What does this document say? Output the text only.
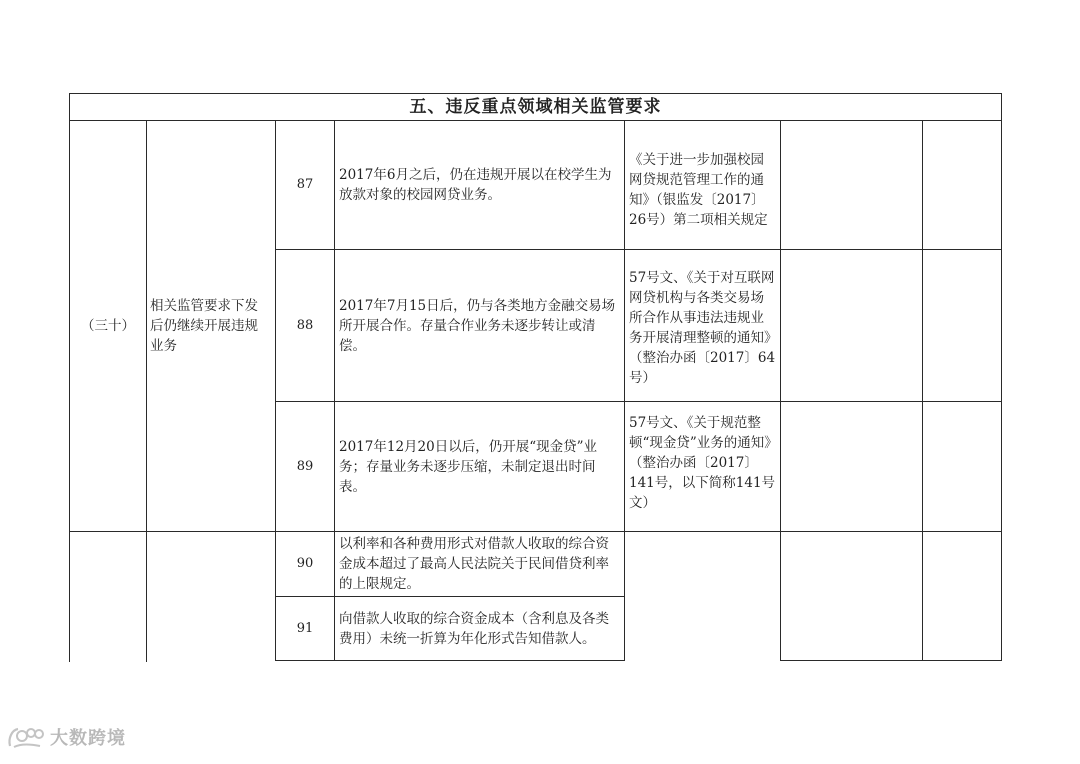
五、违反重点领域相关监管要求
（三十）
相关监管要求下发后仍继续开展违规业务
87
2017年6月之后，仍在违规开展以在校学生为放款对象的校园网贷业务。
《关于进一步加强校园网贷规范管理工作的通知》（银监发〔2017〕26号）第二项相关规定
88
2017年7月15日后，仍与各类地方金融交易场所开展合作。存量合作业务未逐步转让或清偿。
57号文、《关于对互联网网贷机构与各类交易场所合作从事违法违规业务开展清理整顿的通知》（整治办函〔2017〕64号）
89
2017年12月20日以后，仍开展“现金贷”业务；存量业务未逐步压缩，未制定退出时间表。
57号文、《关于规范整顿“现金贷”业务的通知》（整治办函〔2017〕141号，以下简称141号文）
90
以利率和各种费用形式对借款人收取的综合资金成本超过了最高人民法院关于民间借贷利率的上限规定。
91
向借款人收取的综合资金成本（含利息及各类费用）未统一折算为年化形式告知借款人。
大数跨境
